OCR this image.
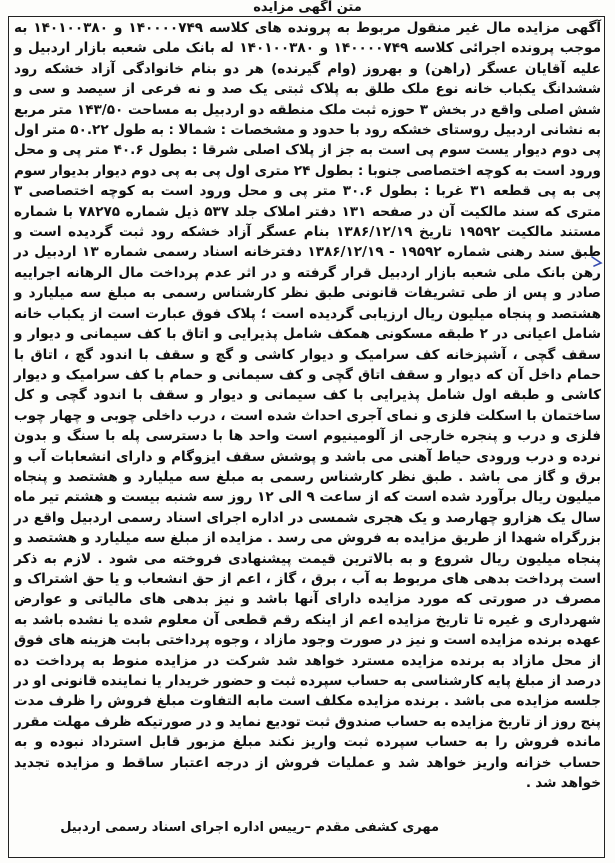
متن آگهی مزایده
آگهی مزایده مال غیر منقول مربوط به پرونده های کلاسه ۱۴۰۰۰۰۷۴۹ و ۱۴۰۱۰۰۳۸۰ به موجب پرونده اجرائی کلاسه ۱۴۰۰۰۰۷۴۹ و ۱۴۰۱۰۰۳۸۰ له بانک ملی شعبه بازار اردبیل و علیه آقایان عسگر (راهن) و بهروز (وام گیرنده) هر دو بنام خانوادگی آزاد خشکه رود ششدانگ یکباب خانه نوع ملک طلق به پلاک ثبتی یک صد و نه فرعی از سیصد و سی و شش اصلی واقع در بخش ۳ حوزه ثبت ملک منطقه دو اردبیل به مساحت ۱۴۳/۵۰ متر مربع به نشانی اردبیل روستای خشکه رود با حدود و مشخصات : شمالا : به طول ۵۰.۲۲ متر اول پی دوم دیوار یست سوم پی است به جز از پلاک اصلی شرقا : بطول ۴۰.۶ متر پی و محل ورود است به کوچه اختصاصی جنوبا : بطول ۲۴ متری اول پی به پی دوم دیوار بدیوار سوم پی به پی قطعه ۳۱ غربا : بطول ۳۰.۶ متر پی و محل ورود است به کوچه اختصاصی ۳ متری که سند مالکیت آن در صفحه ۱۳۱ دفتر املاک جلد ۵۳۷ ذیل شماره ۷۸۲۷۵ با شماره مستند مالکیت ۱۹۵۹۲ تاریخ ۱۳۸۶/۱۲/۱۹ بنام عسگر آزاد خشکه رود ثبت گردیده است و طبق سند رهنی شماره ۱۹۵۹۲ - ۱۳۸۶/۱۲/۱۹ دفترخانه اسناد رسمی شماره ۱۳ اردبیل در رهن بانک ملی شعبه بازار اردبیل قرار گرفته و در اثر عدم پرداخت مال الرهانه اجراییه صادر و پس از طی تشریفات قانونی طبق نظر کارشناس رسمی به مبلغ سه میلیارد و هشتصد و پنجاه میلیون ریال ارزیابی گردیده است ؛ پلاک فوق عبارت است از یکباب خانه شامل اعیانی در ۲ طبقه مسکونی همکف شامل پذیرایی و اتاق با کف سیمانی و دیوار و سقف گچی ، آشپزخانه کف سرامیک و دیوار کاشی و گچ و سقف با اندود گچ ، اتاق با حمام داخل آن که دیوار و سقف اتاق گچی و کف سیمانی و حمام با کف سرامیک و دیوار کاشی و طبقه اول شامل پذیرایی با کف سیمانی و دیوار و سقف با اندود گچی و کل ساختمان با اسکلت فلزی و نمای آجری احداث شده است ، درب داخلی چوبی و چهار چوب فلزی و درب و پنجره خارجی از آلومینیوم است واحد ها با دسترسی پله با سنگ و بدون نرده و درب ورودی حیاط آهنی می باشد و پوشش سقف ایزوگام و دارای انشعابات آب و برق و گاز می باشد . طبق نظر کارشناس رسمی به مبلغ سه میلیارد و هشتصد و پنجاه میلیون ریال برآورد شده است که از ساعت ۹ الی ۱۲ روز سه شنبه بیست و هشتم تیر ماه سال یک هزارو چهارصد و یک هجری شمسی در اداره اجرای اسناد رسمی اردبیل واقع در بزرگراه شهدا از طریق مزایده به فروش می رسد . مزایده از مبلغ سه میلیارد و هشتصد و پنجاه میلیون ریال شروع و به بالاترین قیمت پیشنهادی فروخته می شود . لازم به ذکر است پرداخت بدهی های مربوط به آب ، برق ، گاز ، اعم از حق انشعاب و یا حق اشتراک و مصرف در صورتی که مورد مزایده دارای آنها باشد و نیز بدهی های مالیاتی و عوارض شهرداری و غیره تا تاریخ مزایده اعم از اینکه رقم قطعی آن معلوم شده یا نشده باشد به عهده برنده مزایده است و نیز در صورت وجود مازاد ، وجوه پرداختی بابت هزینه های فوق از محل مازاد به برنده مزایده مسترد خواهد شد شرکت در مزایده منوط به پرداخت ده درصد از مبلغ پایه کارشناسی به حساب سپرده ثبت و حضور خریدار یا نماینده قانونی او در جلسه مزایده می باشد . برنده مزایده مکلف است مابه التفاوت مبلغ فروش را ظرف مدت پنج روز از تاریخ مزایده به حساب صندوق ثبت تودیع نماید و در صورتیکه ظرف مهلت مقرر مانده فروش را به حساب سپرده ثبت واریز نکند مبلغ مزبور قابل استرداد نبوده و به حساب خزانه واریز خواهد شد و عملیات فروش از درجه اعتبار ساقط و مزایده تجدید خواهد شد .
مهری کشفی مقدم –رییس اداره اجرای اسناد رسمی اردبیل
